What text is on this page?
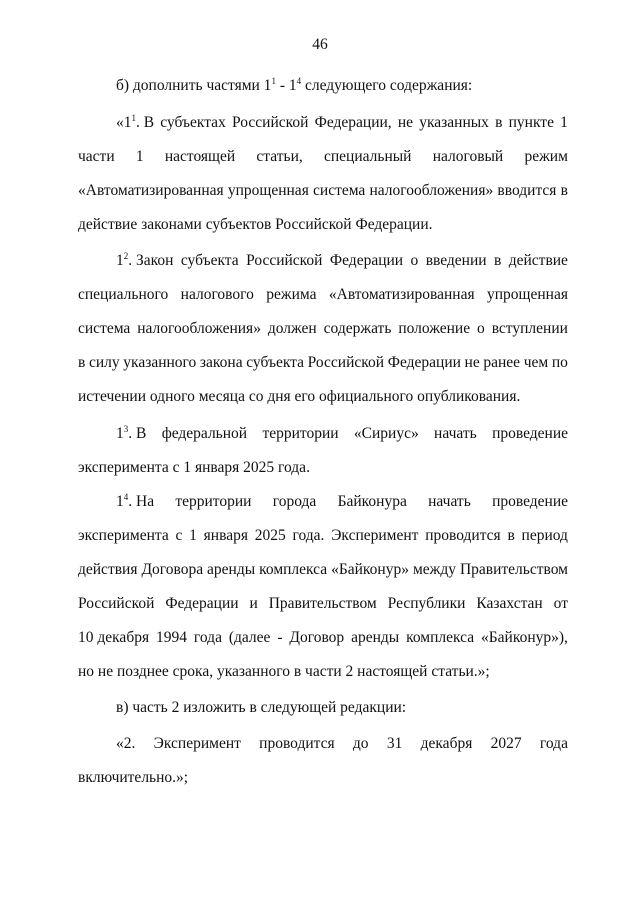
46
б) дополнить частями $1^1 - 1^4$ следующего содержания:
«$1^1$. В субъектах Российской Федерации, не указанных в пункте 1
части 1 настоящей статьи, специальный налоговый режим
«Автоматизированная упрощенная система налогообложения» вводится в
действие законами субъектов Российской Федерации.
$1^2$. Закон субъекта Российской Федерации о введении в действие
специального налогового режима «Автоматизированная упрощенная
система налогообложения» должен содержать положение о вступлении
в силу указанного закона субъекта Российской Федерации не ранее чем по
истечении одного месяца со дня его официального опубликования.
$1^3$. В федеральной территории «Сириус» начать проведение
эксперимента с 1 января 2025 года.
$1^4$. На территории города Байконура начать проведение
эксперимента с 1 января 2025 года. Эксперимент проводится в период
действия Договора аренды комплекса «Байконур» между Правительством
Российской Федерации и Правительством Республики Казахстан от
10 декабря 1994 года (далее - Договор аренды комплекса «Байконур»),
но не позднее срока, указанного в части 2 настоящей статьи.»;
в) часть 2 изложить в следующей редакции:
«2. Эксперимент проводится до 31 декабря 2027 года
включительно.»;
